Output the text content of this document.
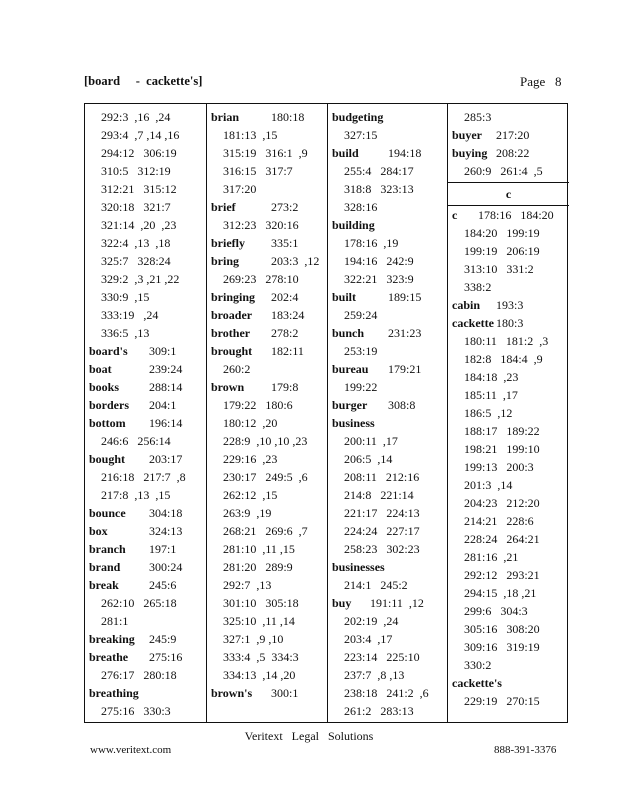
[board     -  cackette's]	Page   8
292:3  ,16  ,24
293:4  ,7 ,14 ,16
294:12   306:19
310:5   312:19
312:21   315:12
320:18   321:7
321:14  ,20  ,23
322:4  ,13  ,18
325:7   328:24
329:2  ,3 ,21 ,22
330:9  ,15
333:19   ,24
336:5  ,13
board's 309:1
boat	239:24
books 288:14
borders 204:1
bottom 196:14
246:6   256:14
bought 203:17
216:18   217:7  ,8
217:8  ,13  ,15
bounce 304:18
box	324:13
branch 197:1
brand 300:24
break	245:6
262:10   265:18
281:1
breaking 245:9
breathe 275:16
276:17   280:18
breathing
275:16   330:3
brian	180:18
181:13  ,15
315:19   316:1  ,9
316:15   317:7
317:20
brief	273:2
312:23   320:16
briefly 335:1
bring	203:3  ,12
269:23   278:10
bringing 202:4
broader 183:24
brother 278:2
brought 182:11
260:2
brown 179:8
179:22   180:6
180:12  ,20
228:9  ,10 ,10 ,23
229:16  ,23
230:17   249:5  ,6
262:12  ,15
263:9  ,19
268:21   269:6  ,7
281:10  ,11 ,15
281:20   289:9
292:7  ,13
301:10   305:18
325:10  ,11 ,14
327:1  ,9 ,10
333:4  ,5  334:3
334:13  ,14 ,20
brown's 300:1
budgeting
327:15
build 194:18
255:4   284:17
318:8   323:13
328:16
building
178:16  ,19
194:16   242:9
322:21   323:9
built	189:15
259:24
bunch 231:23
253:19
bureau 179:21
199:22
burger 308:8
business
200:11  ,17
206:5  ,14
208:11   212:16
214:8   221:14
221:17   224:13
224:24   227:17
258:23   302:23
businesses
214:1   245:2
buy 191:11  ,12
202:19  ,24
203:4  ,17
223:14   225:10
237:7  ,8 ,13
238:18   241:2  ,6
261:2   283:13
285:3
buyer 217:20
buying 208:22
260:9   261:4  ,5
c 178:16   184:20
184:20   199:19
199:19   206:19
313:10   331:2
338:2
cabin 193:3
cackette 180:3
180:11   181:2  ,3
182:8   184:4  ,9
184:18  ,23
185:11  ,17
186:5  ,12
188:17   189:22
198:21   199:10
199:13   200:3
201:3  ,14
204:23   212:20
214:21   228:6
228:24   264:21
281:16  ,21
292:12   293:21
294:15  ,18 ,21
299:6   304:3
305:16   308:20
309:16   319:19
330:2
cackette's
229:19   270:15
c
Veritext   Legal   Solutions
www.veritext.com	888-391-3376
